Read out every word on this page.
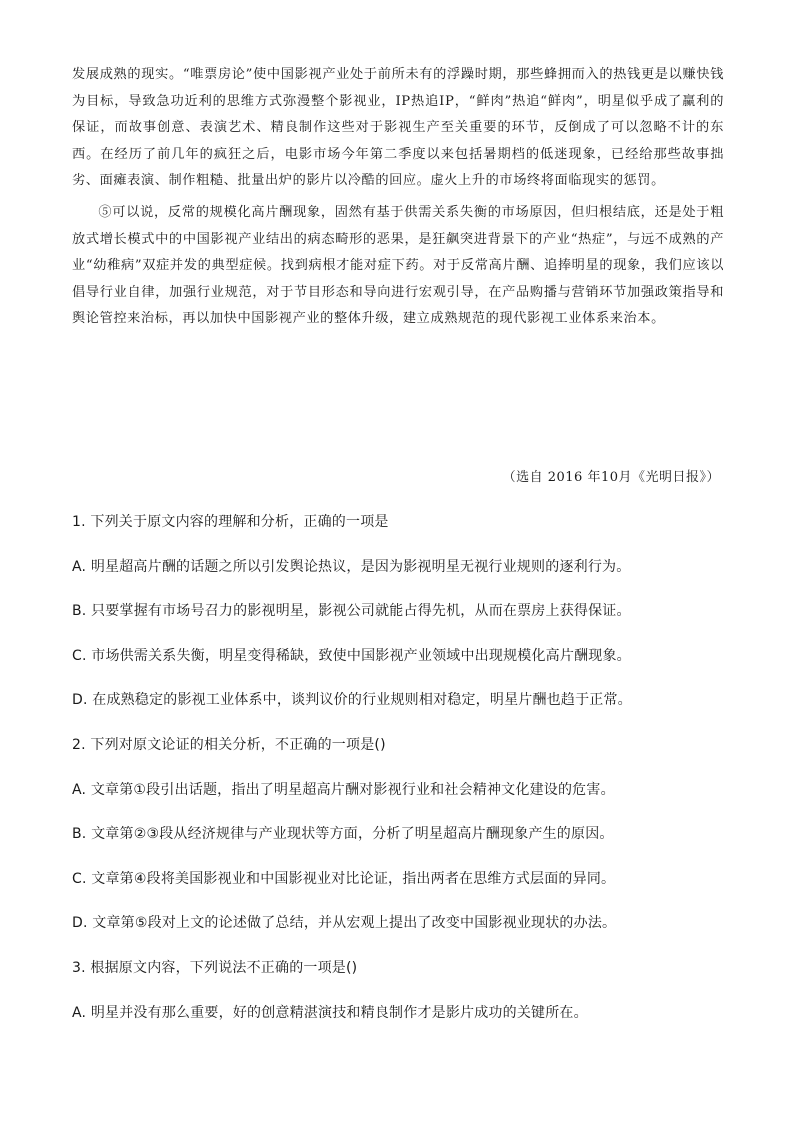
发展成熟的现实。“唯票房论”使中国影视产业处于前所未有的浮躁时期，那些蜂拥而入的热钱更是以赚快钱为目标，导致急功近利的思维方式弥漫整个影视业，IP热追IP，“鲜肉”热追“鲜肉”，明星似乎成了赢利的保证，而故事创意、表演艺术、精良制作这些对于影视生产至关重要的环节，反倒成了可以忽略不计的东西。在经历了前几年的疯狂之后，电影市场今年第二季度以来包括暑期档的低迷现象，已经给那些故事拙劣、面瘫表演、制作粗糙、批量出炉的影片以冷酷的回应。虚火上升的市场终将面临现实的惩罚。

⑤可以说，反常的规模化高片酬现象，固然有基于供需关系失衡的市场原因，但归根结底，还是处于粗放式增长模式中的中国影视产业结出的病态畸形的恶果，是狂飙突进背景下的产业“热症”，与远不成熟的产业“幼稚病”双症并发的典型症候。找到病根才能对症下药。对于反常高片酬、追捧明星的现象，我们应该以倡导行业自律，加强行业规范，对于节目形态和导向进行宏观引导，在产品购播与营销环节加强政策指导和舆论管控来治标，再以加快中国影视产业的整体升级，建立成熟规范的现代影视工业体系来治本。

（选自 2016 年10月《光明日报》）
1. 下列关于原文内容的理解和分析，正确的一项是
A. 明星超高片酬的话题之所以引发舆论热议，是因为影视明星无视行业规则的逐利行为。
B. 只要掌握有市场号召力的影视明星，影视公司就能占得先机，从而在票房上获得保证。
C. 市场供需关系失衡，明星变得稀缺，致使中国影视产业领域中出现规模化高片酬现象。
D. 在成熟稳定的影视工业体系中，谈判议价的行业规则相对稳定，明星片酬也趋于正常。
2. 下列对原文论证的相关分析，不正确的一项是()
A. 文章第①段引出话题，指出了明星超高片酬对影视行业和社会精神文化建设的危害。
B. 文章第②③段从经济规律与产业现状等方面，分析了明星超高片酬现象产生的原因。
C. 文章第④段将美国影视业和中国影视业对比论证，指出两者在思维方式层面的异同。
D. 文章第⑤段对上文的论述做了总结，并从宏观上提出了改变中国影视业现状的办法。
3. 根据原文内容，下列说法不正确的一项是()
A. 明星并没有那么重要，好的创意精湛演技和精良制作才是影片成功的关键所在。
